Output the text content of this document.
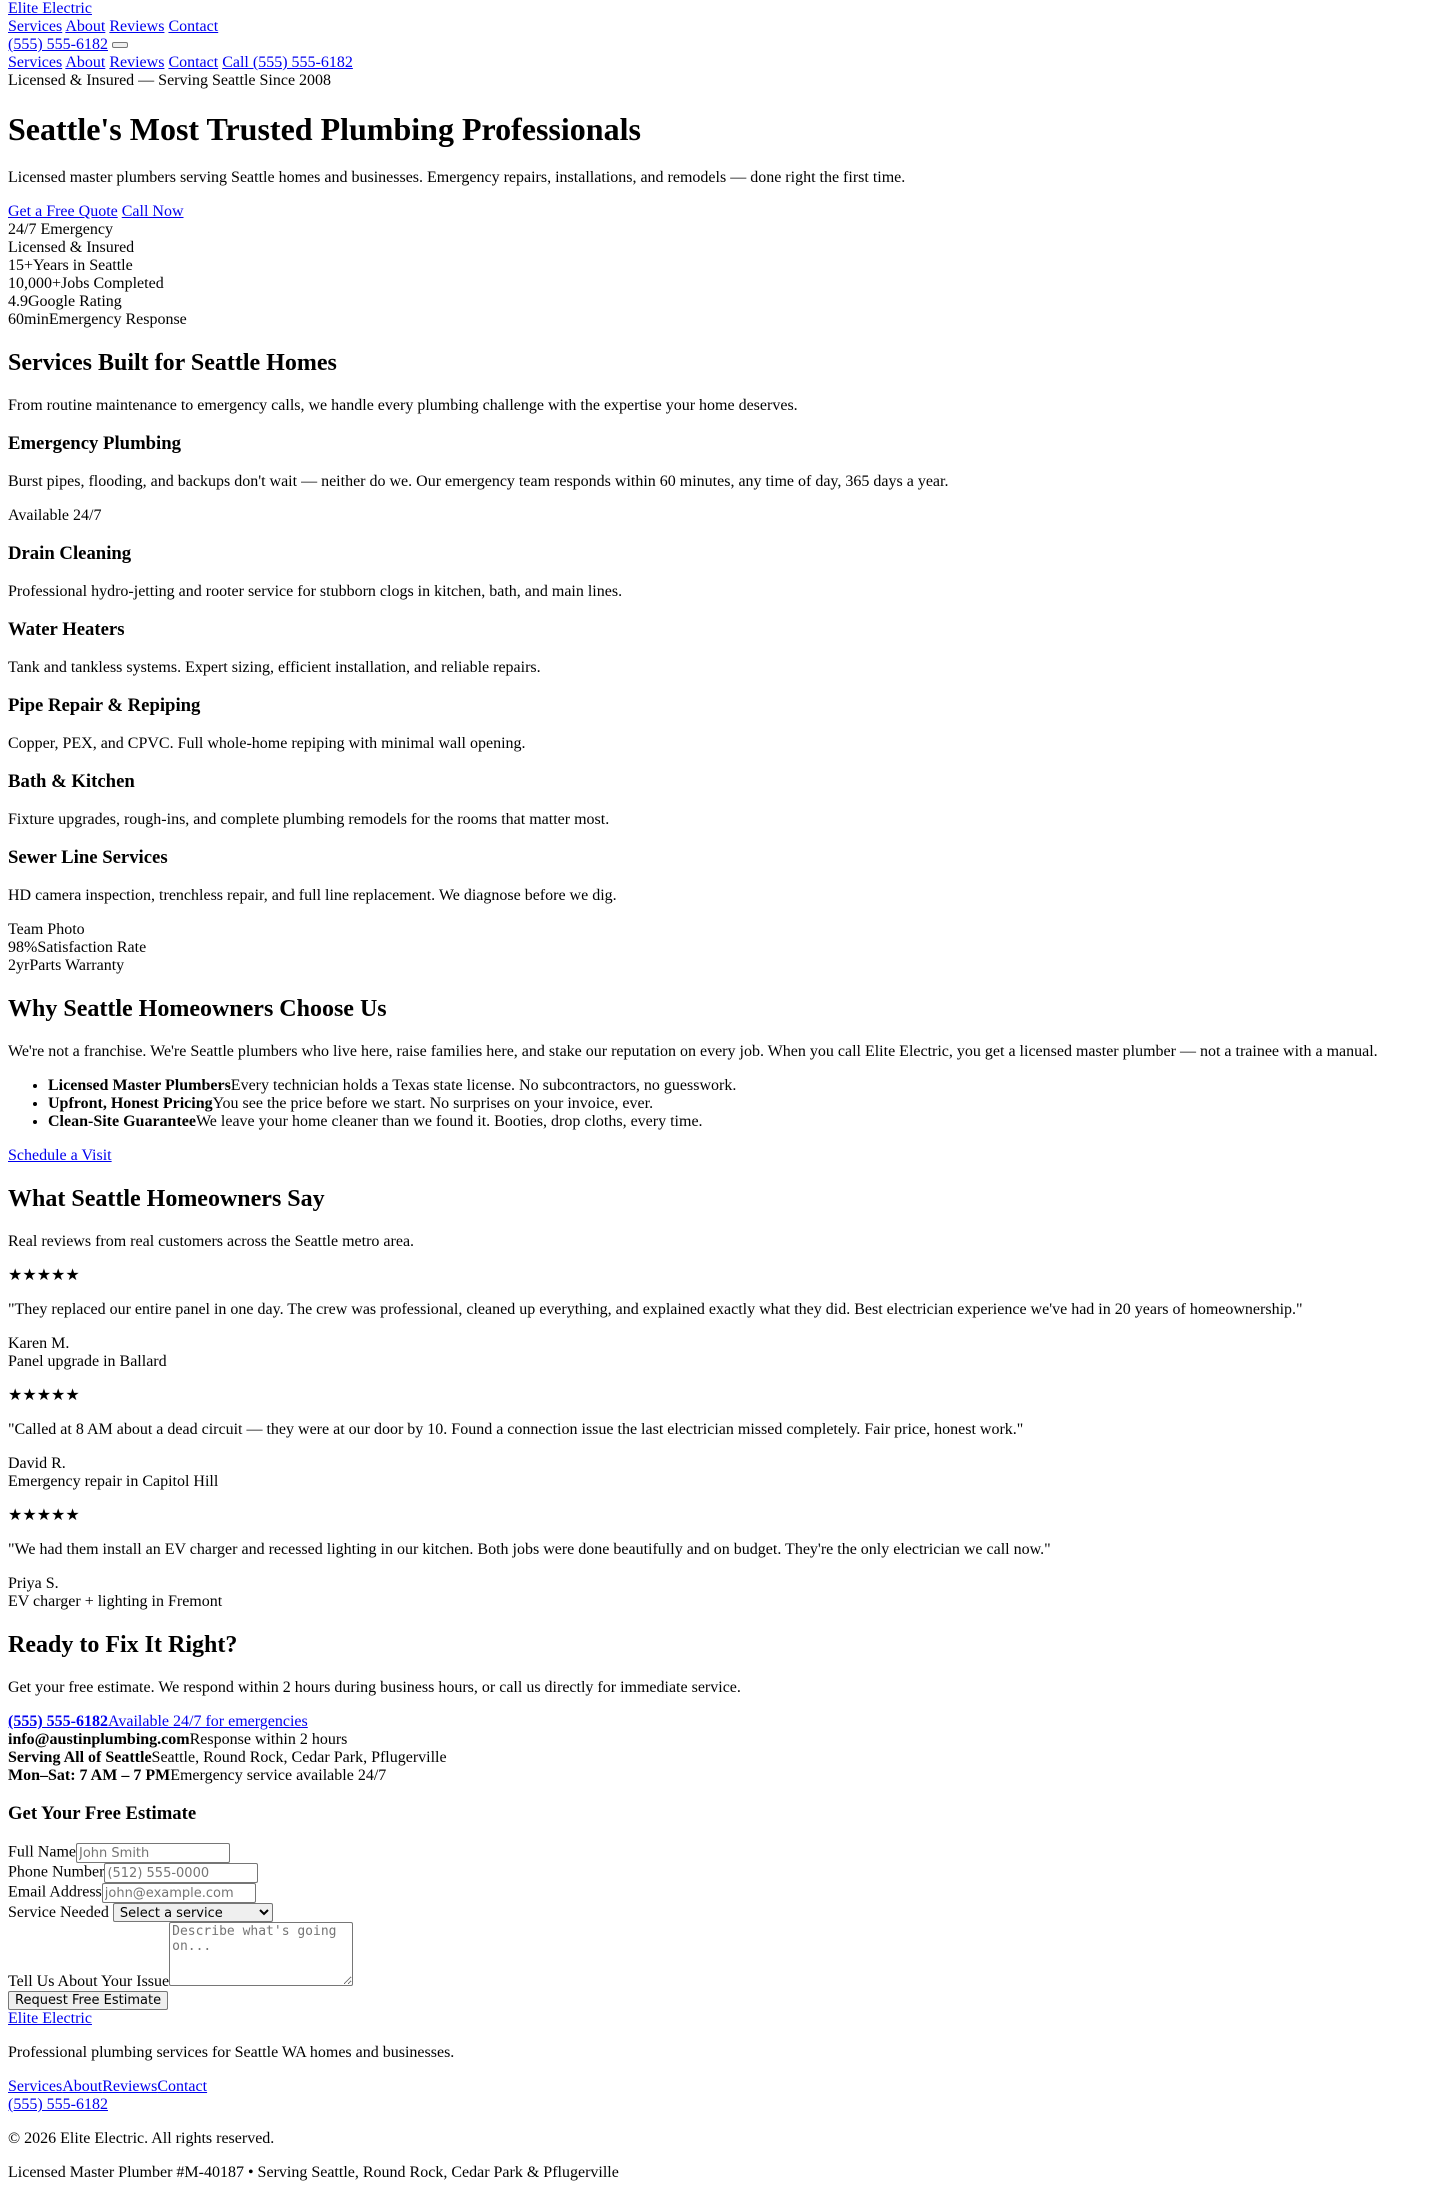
Elite Electric
Services About Reviews Contact
(555) 555-6182
Services About Reviews Contact Call (555) 555-6182
Licensed & Insured — Serving Seattle Since 2008
Seattle's Most Trusted Plumbing Professionals

Licensed master plumbers serving Seattle homes and businesses. Emergency repairs, installations, and remodels — done right the first time.

Get a Free Quote Call Now
24/7 Emergency
Licensed & Insured
15+Years in Seattle
10,000+Jobs Completed
4.9Google Rating
60minEmergency Response
Services Built for Seattle Homes

From routine maintenance to emergency calls, we handle every plumbing challenge with the expertise your home deserves.

Emergency Plumbing

Burst pipes, flooding, and backups don't wait — neither do we. Our emergency team responds within 60 minutes, any time of day, 365 days a year.

Available 24/7

Drain Cleaning

Professional hydro-jetting and rooter service for stubborn clogs in kitchen, bath, and main lines.

Water Heaters

Tank and tankless systems. Expert sizing, efficient installation, and reliable repairs.

Pipe Repair & Repiping

Copper, PEX, and CPVC. Full whole-home repiping with minimal wall opening.

Bath & Kitchen

Fixture upgrades, rough-ins, and complete plumbing remodels for the rooms that matter most.

Sewer Line Services

HD camera inspection, trenchless repair, and full line replacement. We diagnose before we dig.

Team Photo
98%Satisfaction Rate
2yrParts Warranty
Why Seattle Homeowners Choose Us

We're not a franchise. We're Seattle plumbers who live here, raise families here, and stake our reputation on every job. When you call Elite Electric, you get a licensed master plumber — not a trainee with a manual.

• Licensed Master PlumbersEvery technician holds a Texas state license. No subcontractors, no guesswork.
• Upfront, Honest PricingYou see the price before we start. No surprises on your invoice, ever.
• Clean-Site GuaranteeWe leave your home cleaner than we found it. Booties, drop cloths, every time.
Schedule a Visit
What Seattle Homeowners Say

Real reviews from real customers across the Seattle metro area.

★★★★★

"They replaced our entire panel in one day. The crew was professional, cleaned up everything, and explained exactly what they did. Best electrician experience we've had in 20 years of homeownership."

Karen M.
Panel upgrade in Ballard
★★★★★

"Called at 8 AM about a dead circuit — they were at our door by 10. Found a connection issue the last electrician missed completely. Fair price, honest work."

David R.
Emergency repair in Capitol Hill
★★★★★

"We had them install an EV charger and recessed lighting in our kitchen. Both jobs were done beautifully and on budget. They're the only electrician we call now."

Priya S.
EV charger + lighting in Fremont
Ready to Fix It Right?

Get your free estimate. We respond within 2 hours during business hours, or call us directly for immediate service.

(555) 555-6182Available 24/7 for emergencies
info@austinplumbing.comResponse within 2 hours
Serving All of SeattleSeattle, Round Rock, Cedar Park, Pflugerville
Mon–Sat: 7 AM – 7 PMEmergency service available 24/7
Get Your Free Estimate
Full NameJohn Smith
Phone Number(512) 555-0000
Email Addressjohn@example.com
Service Needed
Select a service
Tell Us About Your IssueDescribe what's going on...
Request Free Estimate
Elite Electric

Professional plumbing services for Seattle WA homes and businesses.

ServicesAboutReviewsContact
(555) 555-6182

© 2026 Elite Electric. All rights reserved.

Licensed Master Plumber #M-40187 • Serving Seattle, Round Rock, Cedar Park & Pflugerville
